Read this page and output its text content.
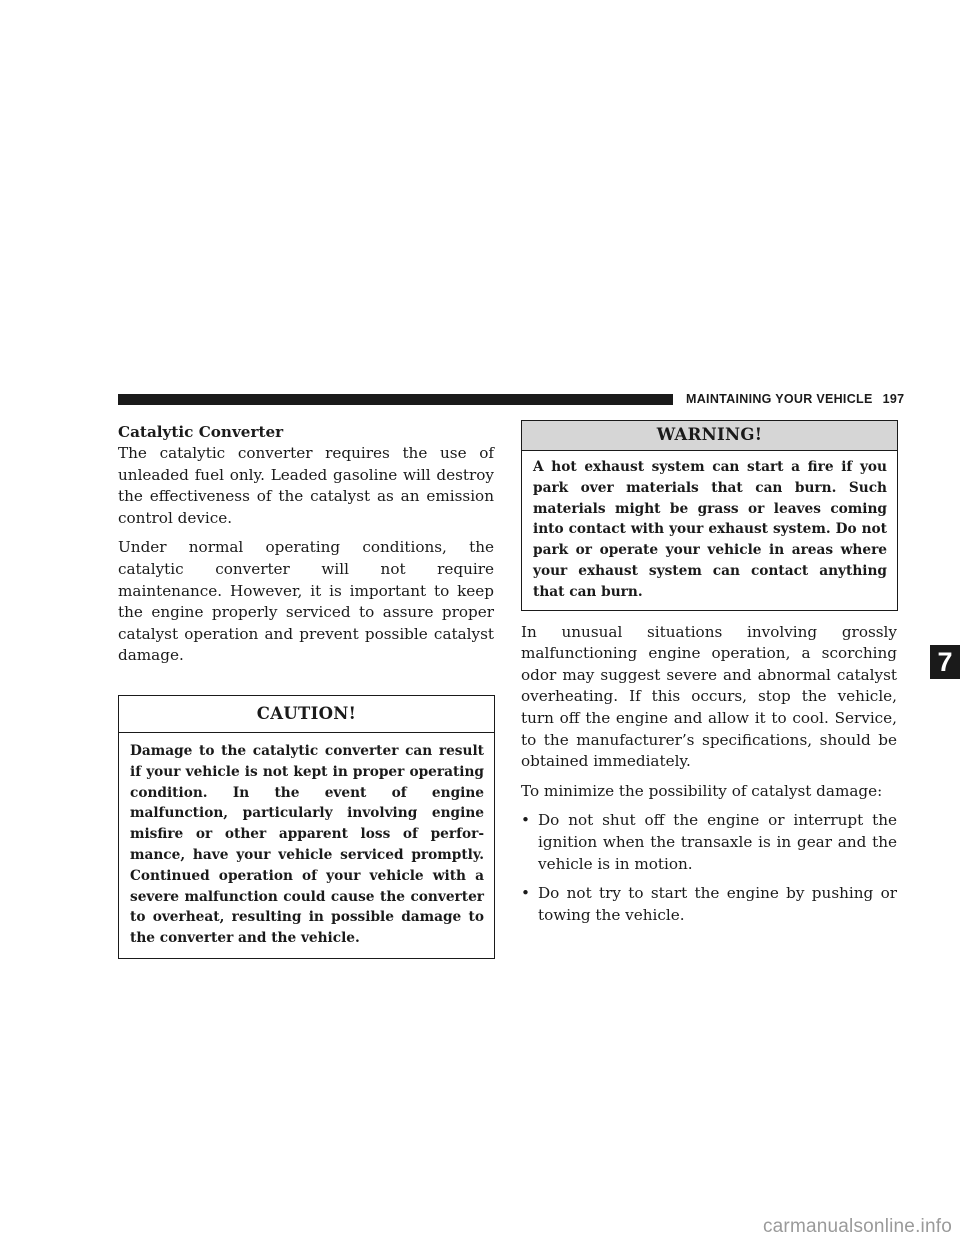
MAINTAINING YOUR VEHICLE 197
Catalytic Converter

The catalytic converter requires the use of unleaded fuel only. Leaded gasoline will destroy the effectiveness of the catalyst as an emission control device.

Under normal operating conditions, the catalytic converter will not require maintenance. However, it is important to keep the engine properly serviced to assure proper catalyst operation and prevent possible catalyst damage.

CAUTION!
Damage to the catalytic converter can result if your vehicle is not kept in proper operating condition. In the event of engine malfunction, particularly involving engine misfire or other apparent loss of performance, have your vehicle serviced promptly. Continued operation of your vehicle with a severe malfunction could cause the converter to overheat, resulting in possible damage to the converter and the vehicle.
WARNING!
A hot exhaust system can start a fire if you park over materials that can burn. Such materials might be grass or leaves coming into contact with your exhaust system. Do not park or operate your vehicle in areas where your exhaust system can contact anything that can burn.

In unusual situations involving grossly malfunctioning engine operation, a scorching odor may suggest severe and abnormal catalyst overheating. If this occurs, stop the vehicle, turn off the engine and allow it to cool. Service, to the manufacturer’s specifications, should be obtained immediately.

To minimize the possibility of catalyst damage:

• Do not shut off the engine or interrupt the ignition when the transaxle is in gear and the vehicle is in motion.
• Do not try to start the engine by pushing or towing the vehicle.
7
carmanualsonline.info
